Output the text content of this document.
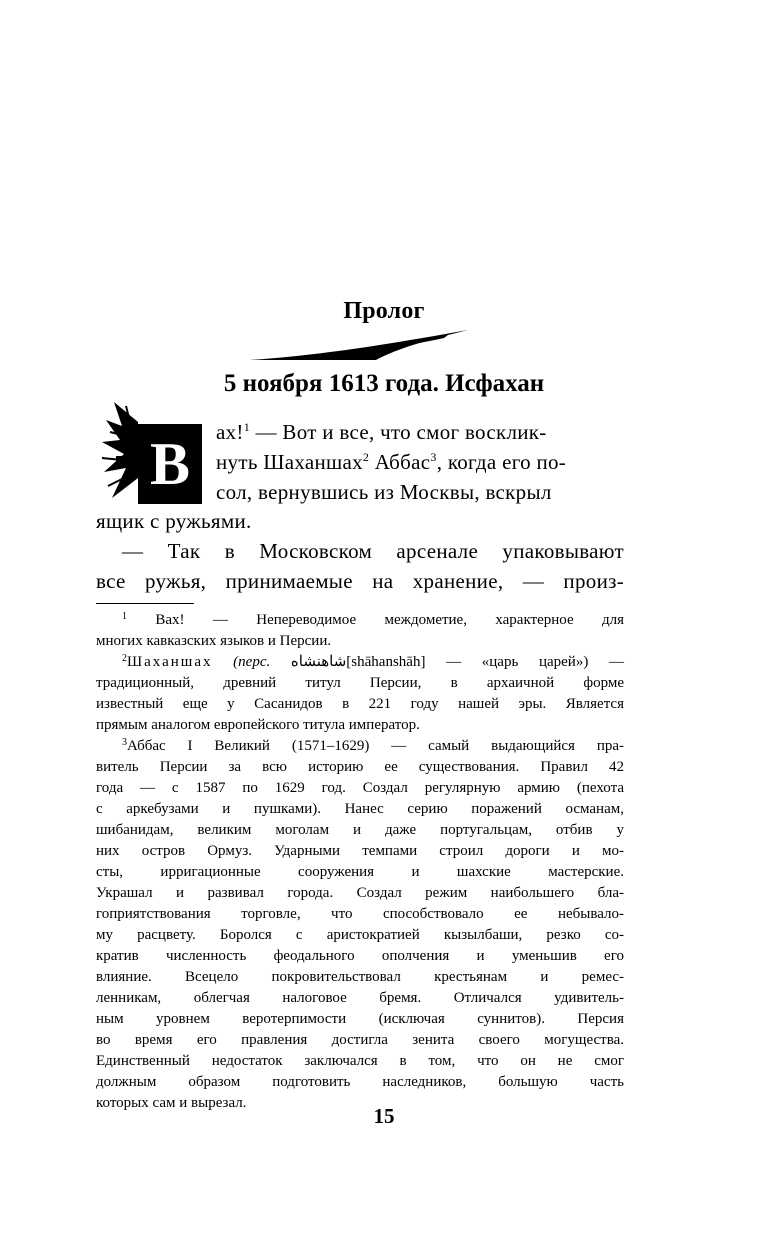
Пролог
5 ноября 1613 года. Исфахан
В	ах!$^1$ — Вот и все, что смог восклик-
нуть Шаханшах$^2$ Аббас$^3$, когда его по-
сол, вернувшись из Москвы, вскрыл
ящик с ружьями.
— Так в Московском арсенале упаковывают
все ружья, принимаемые на хранение, — произ-
$^1$ Вах! — Непереводимое междометие, характерное для
многих кавказских языков и Персии.
$^2$Шаханшах (перс. شاهنشاه[shāhanshāh] — «царь царей») —
традиционный, древний титул Персии, в архаичной форме
известный еще у Сасанидов в 221 году нашей эры. Является
прямым аналогом европейского титула император.
$^3$Аббас I Великий (1571–1629) — самый выдающийся пра-
витель Персии за всю историю ее существования. Правил 42
года — с 1587 по 1629 год. Создал регулярную армию (пехота
с аркебузами и пушками). Нанес серию поражений османам,
шибанидам, великим моголам и даже португальцам, отбив у
них остров Ормуз. Ударными темпами строил дороги и мо-
сты, ирригационные сооружения и шахские мастерские.
Украшал и развивал города. Создал режим наибольшего бла-
гоприятствования торговле, что способствовало ее небывало-
му расцвету. Боролся с аристократией кызылбаши, резко со-
кратив численность феодального ополчения и уменьшив его
влияние. Всецело покровительствовал крестьянам и ремес-
ленникам, облегчая налоговое бремя. Отличался удивитель-
ным уровнем веротерпимости (исключая суннитов). Персия
во время его правления достигла зенита своего могущества.
Единственный недостаток заключался в том, что он не смог
должным образом подготовить наследников, большую часть
которых сам и вырезал.
15
